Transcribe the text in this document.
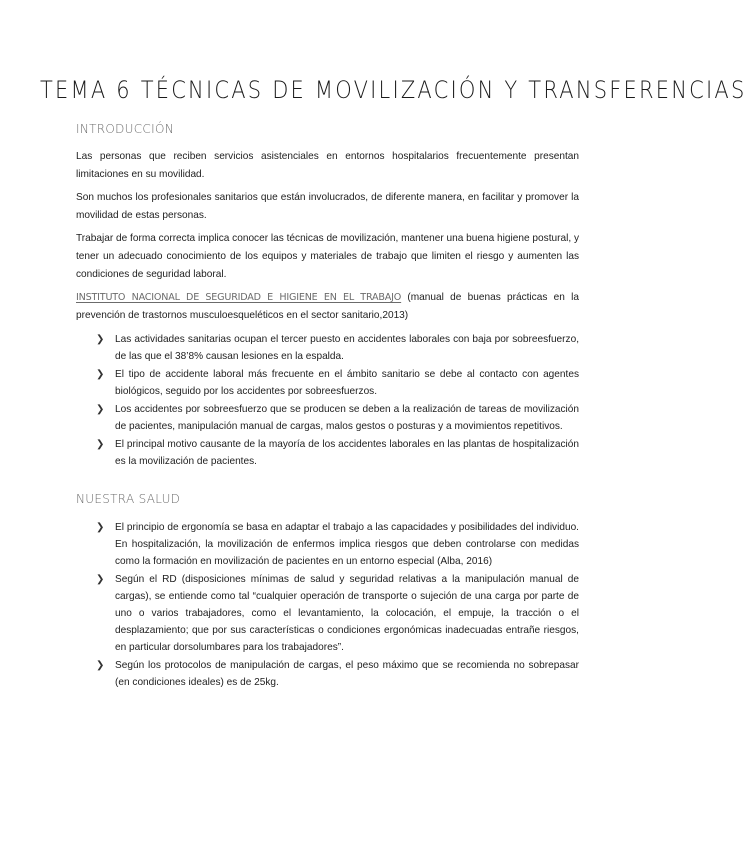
TEMA 6 TÉCNICAS DE MOVILIZACIÓN Y TRANSFERENCIAS
INTRODUCCIÓN
Las personas que reciben servicios asistenciales en entornos hospitalarios frecuentemente presentan limitaciones en su movilidad.
Son muchos los profesionales sanitarios que están involucrados, de diferente manera, en facilitar y promover la movilidad de estas personas.
Trabajar de forma correcta implica conocer las técnicas de movilización, mantener una buena higiene postural, y tener un adecuado conocimiento de los equipos y materiales de trabajo que limiten el riesgo y aumenten las condiciones de seguridad laboral.
INSTITUTO NACIONAL DE SEGURIDAD E HIGIENE EN EL TRABAJO (manual de buenas prácticas en la prevención de trastornos musculoesqueléticos en el sector sanitario,2013)
❯ Las actividades sanitarias ocupan el tercer puesto en accidentes laborales con baja por sobreesfuerzo, de las que el 38’8% causan lesiones en la espalda.
❯ El tipo de accidente laboral más frecuente en el ámbito sanitario se debe al contacto con agentes biológicos, seguido por los accidentes por sobreesfuerzos.
❯ Los accidentes por sobreesfuerzo que se producen se deben a la realización de tareas de movilización de pacientes, manipulación manual de cargas, malos gestos o posturas y a movimientos repetitivos.
❯ El principal motivo causante de la mayoría de los accidentes laborales en las plantas de hospitalización es la movilización de pacientes.
NUESTRA SALUD
❯ El principio de ergonomía se basa en adaptar el trabajo a las capacidades y posibilidades del individuo. En hospitalización, la movilización de enfermos implica riesgos que deben controlarse con medidas como la formación en movilización de pacientes en un entorno especial (Alba, 2016)
❯ Según el RD (disposiciones mínimas de salud y seguridad relativas a la manipulación manual de cargas), se entiende como tal “cualquier operación de transporte o sujeción de una carga por parte de uno o varios trabajadores, como el levantamiento, la colocación, el empuje, la tracción o el desplazamiento; que por sus características o condiciones ergonómicas inadecuadas entrañe riesgos, en particular dorsolumbares para los trabajadores”.
❯ Según los protocolos de manipulación de cargas, el peso máximo que se recomienda no sobrepasar (en condiciones ideales) es de 25kg.
